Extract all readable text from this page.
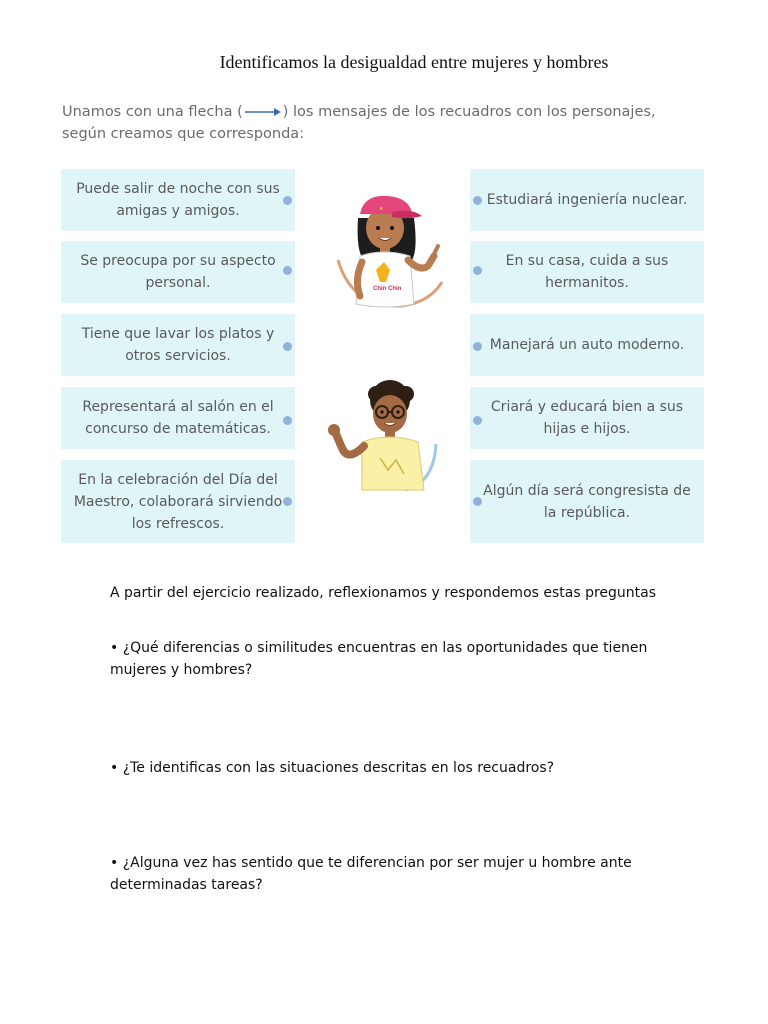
Identificamos la desigualdad entre mujeres y hombres
Unamos con una flecha (	) los mensajes de los recuadros con los personajes,
según creamos que corresponda:
Puede salir de noche con sus amigas y amigos.
Se preocupa por su aspecto personal.
Tiene que lavar los platos y otros servicios.
Representará al salón en el concurso de matemáticas.
En la celebración del Día del Maestro, colaborará sirviendo los refrescos.
Estudiará ingeniería nuclear.
En su casa, cuida a sus hermanitos.
Manejará un auto moderno.
Criará y educará bien a sus hijas e hijos.
Algún día será congresista de la república.
★
Chin Chin
A partir del ejercicio realizado, reflexionamos y respondemos estas preguntas
• ¿Qué diferencias o similitudes encuentras en las oportunidades que tienen mujeres y hombres?
• ¿Te identificas con las situaciones descritas en los recuadros?
• ¿Alguna vez has sentido que te diferencian por ser mujer u hombre ante determinadas tareas?
